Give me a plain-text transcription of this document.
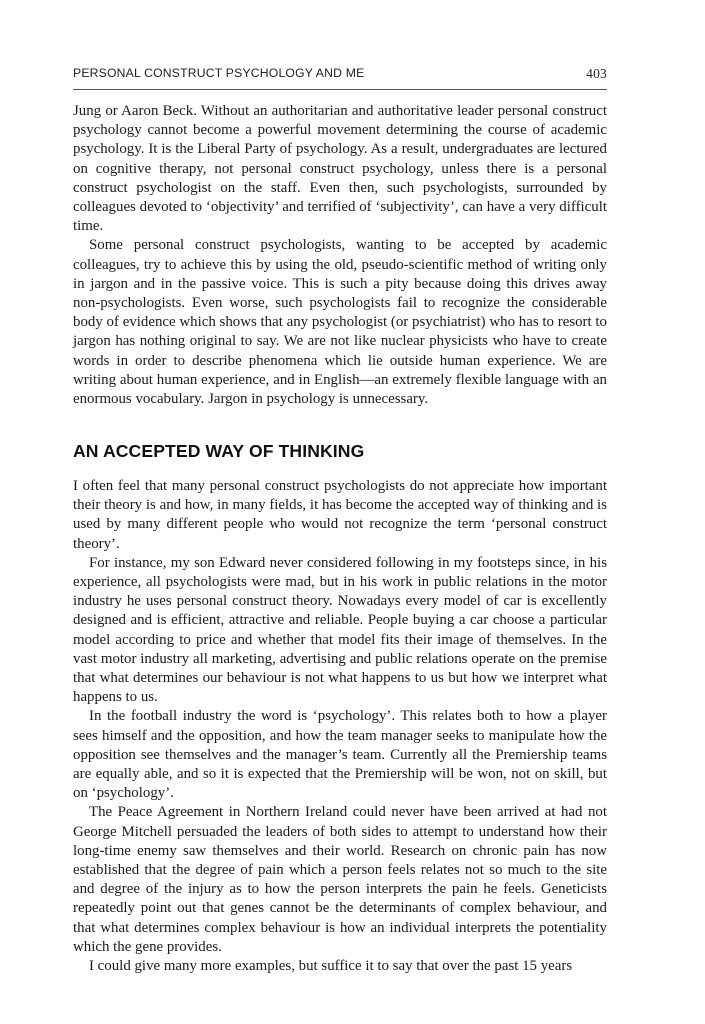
PERSONAL CONSTRUCT PSYCHOLOGY AND ME	403

Jung or Aaron Beck. Without an authoritarian and authoritative leader personal construct psychology cannot become a powerful movement determining the course of academic psychology. It is the Liberal Party of psychology. As a result, undergraduates are lectured on cognitive therapy, not personal construct psychology, unless there is a personal construct psychologist on the staff. Even then, such psychologists, surrounded by colleagues devoted to ‘objectivity’ and terrified of ‘subjectivity’, can have a very difficult time.

Some personal construct psychologists, wanting to be accepted by academic colleagues, try to achieve this by using the old, pseudo-scientific method of writing only in jargon and in the passive voice. This is such a pity because doing this drives away non-psychologists. Even worse, such psychologists fail to recognize the considerable body of evidence which shows that any psychologist (or psychiatrist) who has to resort to jargon has nothing original to say. We are not like nuclear physicists who have to create words in order to describe phenomena which lie outside human experience. We are writing about human experience, and in English—an extremely flexible language with an enormous vocabulary. Jargon in psychology is unnecessary.

AN ACCEPTED WAY OF THINKING

I often feel that many personal construct psychologists do not appreciate how important their theory is and how, in many fields, it has become the accepted way of thinking and is used by many different people who would not recognize the term ‘personal construct theory’.

For instance, my son Edward never considered following in my footsteps since, in his experience, all psychologists were mad, but in his work in public relations in the motor industry he uses personal construct theory. Nowadays every model of car is excellently designed and is efficient, attractive and reliable. People buying a car choose a particular model according to price and whether that model fits their image of themselves. In the vast motor industry all marketing, advertising and public relations operate on the premise that what determines our behaviour is not what happens to us but how we interpret what happens to us.

In the football industry the word is ‘psychology’. This relates both to how a player sees himself and the opposition, and how the team manager seeks to manipulate how the opposition see themselves and the manager’s team. Currently all the Premiership teams are equally able, and so it is expected that the Premiership will be won, not on skill, but on ‘psychology’.

The Peace Agreement in Northern Ireland could never have been arrived at had not George Mitchell persuaded the leaders of both sides to attempt to understand how their long-time enemy saw themselves and their world. Research on chronic pain has now established that the degree of pain which a person feels relates not so much to the site and degree of the injury as to how the person interprets the pain he feels. Geneticists repeatedly point out that genes cannot be the determinants of complex behaviour, and that what determines complex behaviour is how an individual interprets the potentiality which the gene provides.

I could give many more examples, but suffice it to say that over the past 15 years
